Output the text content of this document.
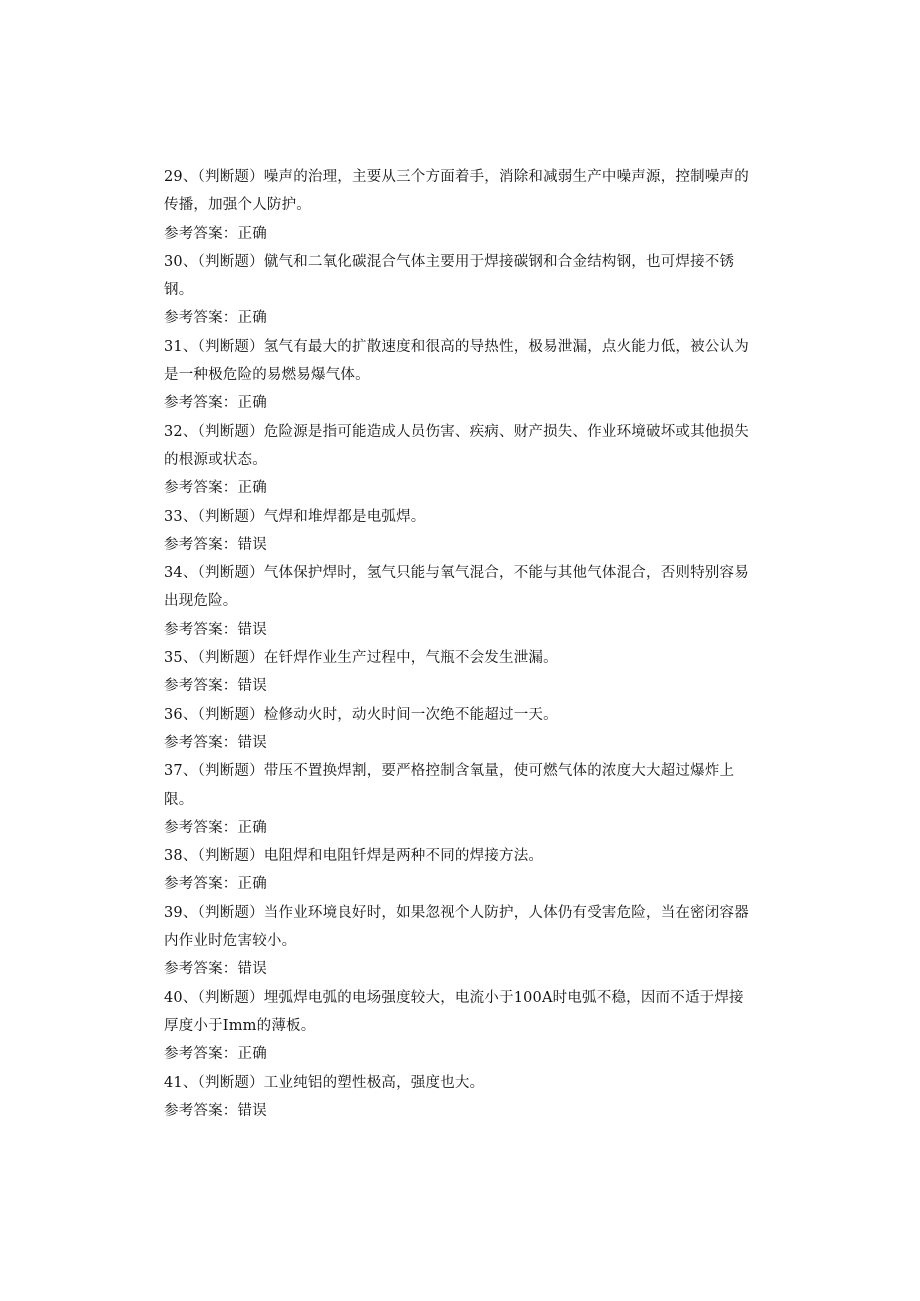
29、（判断题）噪声的治理，主要从三个方面着手，消除和减弱生产中噪声源，控制噪声的传播，加强个人防护。

参考答案：正确

30、（判断题）僦气和二氧化碳混合气体主要用于焊接碳钢和合金结构钢，也可焊接不锈钢。

参考答案：正确

31、（判断题）氢气有最大的扩散速度和很高的导热性，极易泄漏，点火能力低，被公认为是一种极危险的易燃易爆气体。

参考答案：正确

32、（判断题）危险源是指可能造成人员伤害、疾病、财产损失、作业环境破坏或其他损失的根源或状态。

参考答案：正确

33、（判断题）气焊和堆焊都是电弧焊。

参考答案：错误

34、（判断题）气体保护焊时，氢气只能与氧气混合，不能与其他气体混合，否则特别容易出现危险。

参考答案：错误

35、（判断题）在钎焊作业生产过程中，气瓶不会发生泄漏。

参考答案：错误

36、（判断题）检修动火时，动火时间一次绝不能超过一天。

参考答案：错误

37、（判断题）带压不置换焊割，要严格控制含氧量，使可燃气体的浓度大大超过爆炸上限。

参考答案：正确

38、（判断题）电阻焊和电阻钎焊是两种不同的焊接方法。

参考答案：正确

39、（判断题）当作业环境良好时，如果忽视个人防护，人体仍有受害危险，当在密闭容器内作业时危害较小。

参考答案：错误

40、（判断题）埋弧焊电弧的电场强度较大，电流小于100A时电弧不稳，因而不适于焊接厚度小于Imm的薄板。

参考答案：正确

41、（判断题）工业纯铝的塑性极高，强度也大。

参考答案：错误
